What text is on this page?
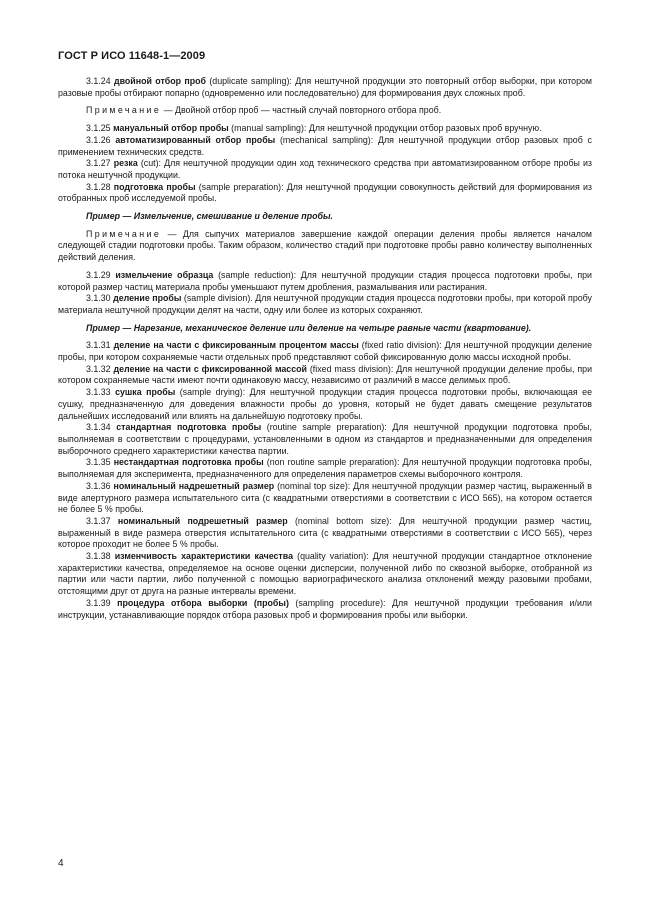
ГОСТ Р ИСО 11648-1—2009

3.1.24 двойной отбор проб (duplicate sampling): Для нештучной продукции это повторный отбор выборки, при котором разовые пробы отбирают попарно (одновременно или последовательно) для формирования двух сложных проб.

Примечание — Двойной отбор проб — частный случай повторного отбора проб.

3.1.25 мануальный отбор пробы (manual sampling): Для нештучной продукции отбор разовых проб вручную.

3.1.26 автоматизированный отбор пробы (mechanical sampling): Для нештучной продукции отбор разовых проб с применением технических средств.

3.1.27 резка (cut): Для нештучной продукции один ход технического средства при автоматизированном отборе пробы из потока нештучной продукции.

3.1.28 подготовка пробы (sample preparation): Для нештучной продукции совокупность действий для формирования из отобранных проб исследуемой пробы.

Пример — Измельчение, смешивание и деление пробы.

Примечание — Для сыпучих материалов завершение каждой операции деления пробы является началом следующей стадии подготовки пробы. Таким образом, количество стадий при подготовке пробы равно количеству выполненных действий деления.

3.1.29 измельчение образца (sample reduction): Для нештучной продукции стадия процесса подготовки пробы, при которой размер частиц материала пробы уменьшают путем дробления, размалывания или растирания.

3.1.30 деление пробы (sample division). Для нештучной продукции стадия процесса подготовки пробы, при которой пробу материала нештучной продукции делят на части, одну или более из которых сохраняют.

Пример — Нарезание, механическое деление или деление на четыре равные части (квартование).

3.1.31 деление на части с фиксированным процентом массы (fixed ratio division): Для нештучной продукции деление пробы, при котором сохраняемые части отдельных проб представляют собой фиксированную долю массы исходной пробы.

3.1.32 деление на части с фиксированной массой (fixed mass division): Для нештучной продукции деление пробы, при котором сохраняемые части имеют почти одинаковую массу, независимо от различий в массе делимых проб.

3.1.33 сушка пробы (sample drying): Для нештучной продукции стадия процесса подготовки пробы, включающая ее сушку, предназначенную для доведения влажности пробы до уровня, который не будет давать смещение результатов дальнейших исследований или влиять на дальнейшую подготовку пробы.

3.1.34 стандартная подготовка пробы (routine sample preparation): Для нештучной продукции подготовка пробы, выполняемая в соответствии с процедурами, установленными в одном из стандартов и предназначенными для определения выборочного среднего характеристики качества партии.

3.1.35 нестандартная подготовка пробы (non routine sample preparation): Для нештучной продукции подготовка пробы, выполняемая для эксперимента, предназначенного для определения параметров схемы выборочного контроля.

3.1.36 номинальный надрешетный размер (nominal top size): Для нештучной продукции размер частиц, выраженный в виде апертурного размера испытательного сита (с квадратными отверстиями в соответствии с ИСО 565), на котором остается не более 5 % пробы.

3.1.37 номинальный подрешетный размер (nominal bottom size): Для нештучной продукции размер частиц, выраженный в виде размера отверстия испытательного сита (с квадратными отверстиями в соответствии с ИСО 565), через которое проходит не более 5 % пробы.

3.1.38 изменчивость характеристики качества (quality variation): Для нештучной продукции стандартное отклонение характеристики качества, определяемое на основе оценки дисперсии, полученной либо по сквозной выборке, отобранной из партии или части партии, либо полученной с помощью вариографического анализа отклонений между разовыми пробами, отстоящими друг от друга на разные интервалы времени.

3.1.39 процедура отбора выборки (пробы) (sampling procedure): Для нештучной продукции требования и/или инструкции, устанавливающие порядок отбора разовых проб и формирования пробы или выборки.

4
